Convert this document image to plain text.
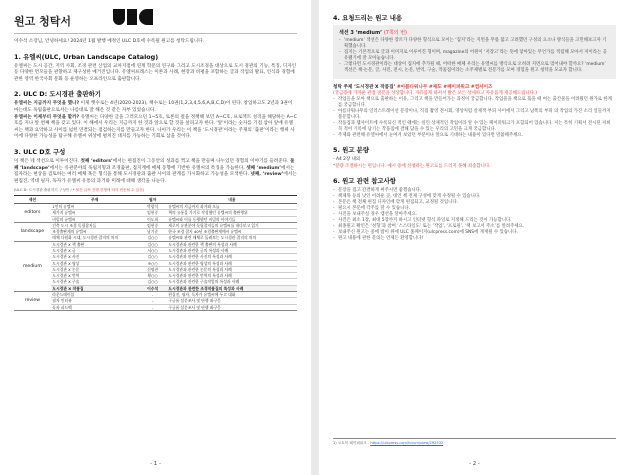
원고 청탁서

이수석 소장님, 안녕하세요! 2024년 1월 발행 예정인 ULC D호에 수록될 원고를 청탁드립니다.

1. 유엘씨(ULC, Urban Landscape Catalog)

유엘씨는 도시 공간, 지역 사회, 조경 관련 산업의 교차지점에 연계 학문의 연구와 그리고 도시조경을 대상으로 도시 경관의 기능, 특징, 디자인 등 다양한 면모들을 관찰하고 제구성한 매거진입니다. 유엘씨프레스는 이론과 사례, 현장과 비평을 포함하는 글과 작업의 발표, 인식과 경험에 관한 영역 한국사회 문화 등 운영하는 오프라인으로 출판합니다.

2. ULC D: 도시경관 출판하기

유엘씨는 지금까지 무엇을 했나? 이제 햇수로는 4년(2020-2023), 책수로는 10권(1,2,3,4,5,6,A,B,C,D)이 된다. 창업하고도 2년과 3권이 마는데도 독립출판으로서는 나름대로 잘 해온 것 같은 자부 있었습니다.

유엘씨는 이제부터 무엇을 할까? 유엘씨는 다양한 글을 그러모으던 1~5호, 토론의 걸을 정책해 보던 A~C호, 프로젝트 성격을 해당하는 A~C호를 지나 앞 번째 책을 갖고 있다. 이 해에서 우리는 지금까지 한 것과 앞으로 할 것을 살피고자 한다. ‘앞’이라는 숫자를 기점 삼아 앞에 유엘씨는 책과 요약하고 사이를 넓힌 연결되는 점검하는지를 만들고자 한다. 나아가 우리는 이 책을 ‘도시경관’이라는 주제의 ‘출판’이라는 행위 사이에 다양한 가능성을 탐구해 유엘씨 위상에 펼쳐진 대지를 가능하는 기회로 삼을 것이다.

3. ULC D호 구성

이 책은 네 섹션으로 이루어진다. 첫째 ‘editors’에서는 편집진이 그동안의 성과를 찍고 책을 만들며 나누었던 경험의 이야기를 들려준다. 둘째 ‘landscape’에서는 유관분야의 독립지형과 조경출판, 접지계에 매체 동향에 기반한 유엘씨의 특징을 가늠한다. 셋째 ‘medium’에서는 집자라는 현상을 검토하는 여러 매체 혹은 형식을 통해 도시경관과 출판 사이의 관계를 가시화하고 가능성을 모색한다. 넷째, ‘review’에서는 편집진, 역대 필자, 독자가 유엘씨 유통의 과거와 미래에 대해 생각을 나눈다.

(ULC D: 도시경관 출판하기 구성안 / * 붉은 글씨 진행 진행에 따라 변동될 수 있음)
섹션	주제	필자	내용
editors	1인의 유엘씨	박광석	유엘씨의 지금까지 과거와 오늘
	세가지 유엘씨	임현중	책의 유통을 가기로 작성했던 유엘씨의 출판행위
	비밀의 유엘씨	이도희	유엘씨와 이를 동행했던 비밀의 이야기들
landscape	건축 도시 조경 독립잡지들	임현중	새로이 유관분야 독립잡지들의 유엘씨를 내다보고 읽기
	조경출판계의 유엘씨	남기준	한국 조경 잡지 40년 조경출판계에서 유엘씨
	매체 다원화 시대, 도시경관 잡지의 의의	김○○	유엘씨와 관련 매체로 돌려보는 도시경관 잡지의 의의
medium	도시경관 X 책 출판	김○○	도시경관과 관련한 책 출판의 특성과 사례
	도시경관 X 글	서○○	도시경관과 관련한 글의 특성과 사례
	도시경관 X 사진	김○○	도시경관과 관련한 사진의 특성과 사례
	도시경관 X 영상	조○○	도시경관과 관련한 영상의 특성과 사례
	도시경관 X 논문	신명찬	도시경관과 관련한 논문의 특성과 사례
	도시경관 X 번역	황○○	도시경관과 관련한 번역의 특성과 사례
	도시경관 X 구술	김○○	도시경관과 관련한 구술작업의 특성과 사례
	도시경관 X 작품집	이수석	도시경관과 관련한 조경작품집의 특성과 사례
review	라운드테이블	-	편집진, 필자, 독자가 유엘씨에 두고 대화
	필자 인터뷰	-	구글폼 설문조사 및 단행 좌구응
	독자 피드백	-	구글폼 설문조사 및 단행 좌구응
- 1 -
4. 요청드리는 원고 내용
섹션 3 ‘medium’ (7쪽의 번)
- ‘medium’ 섹션은 다양한 장르가 다양한 형식으로 모이는 ‘집지’라는 지면을 무릎 꿇고 고려했던 구성의 요소나 방식들을 고민해보고자 기획했습니다.
- 집지는 기본적으로 글과 이미지로 이루어진 형이며, magazine의 어원이 ‘저장고’라는 뜻에 닿아있는 무언가를 적립해 모아서 저이라는 공유됐기에 잘 모아놓습니다.
- 그렇다면 도시경관이라는 대상이 집지에 추가될 때, 어떠한 매체 우리는 유엘씨를 방식으로 오히려 지면으로 엮어내야 할까요? ‘medium’ 섹션은 책·논문, 글, 사진, 전시, 논문, 번역, 구술, 작품집이라는 소주제별로 전문가를 모여 경험을 원고 청탁을 모교자 합니다.
청탁 주제 ‘도시경관 X 작품집’ #아름다워나무 #제도 #페이퍼워크 #컴서이즈
(궁금증에 가까운 관점 질문을 상상합니다. 자유롭게 하셔서 밝은 모든 상세하고 자유롭게 재공해드립니다.)
- 작업들을 모아 책으로 출판하는 이유, 그리고 책을 만들어가는 과정이 궁금합니다. 작업물을 책으로 묶을 때 여는 출간물을 어려웠던 뭔가로 한계를 궁금합니다.
- 아름다워나무의 일러스트레이션 문장이나, 직접 촬영 전시회, 영상처럼 살제적 부피 사이에서 그리고 남쪽의 부피 의 작업의 가진 소리 일들까지 불문합니다.
- 작품집과 웹사이트에 수록되신 적인 웨에는 실린 상제적인 작업이라 알 수 있는 페이퍼워크가 포함되어 있습니다. 저는 특히 기획서 전시된 저희 꼭 적어 기록에 남기는 작품집에 결해 담을 수 있는 우리의 고민을 크게 궁금합니다.
- 주제와 관련해 유엘씨에서 눈여겨 보았던 부분이나 알으로 기대하는 내용이 있다면 말씀해주세요.
5. 원고 분량
- A4 2장 내외
*분량 조절하시는 편입니다. 예시 중에 신청하는 원고료를 드리지 못해 죄송합니다.
6. 원고 관련 참고사항
- 문장을 접고 간결하게 써주시면 좋겠습니다.
- 책제목 등의 낫인 어려운 곳, 대언 책 전제 구성에 맞게 수정될 수 있습니다.
- 본문은 책 전체 편집 디자인에 맞게 편집되고, 교정될 것입니다.
- 필요시 본문에 각주를 달 수 있습니다.
- 사진을 보내주실 경우 캡션을 달아주세요.
- 사진은 최소 1장, 최대 5장까지 하시고 인터넷 형식 파일로 지정해 드리는 것이 가능합니다.
- 최종원고 확인은 ‘성형’과 참여 ‘스스타일도’ 또는 ‘작업’, ‘프로필’, ‘책 보고서 주소’를 알려주세요.
- 보내주신 원고는 중에 밤이 위에 ULC 홈페이지(ulcpress.com)에 SNS에 게재될 수 있습니다.
- 원고 내용에 관한 문의는 언제든 환영합니다!
1) 오토북 페이퍼워크 - https://ulcpress.com/forum/view/292532
- 2 -
